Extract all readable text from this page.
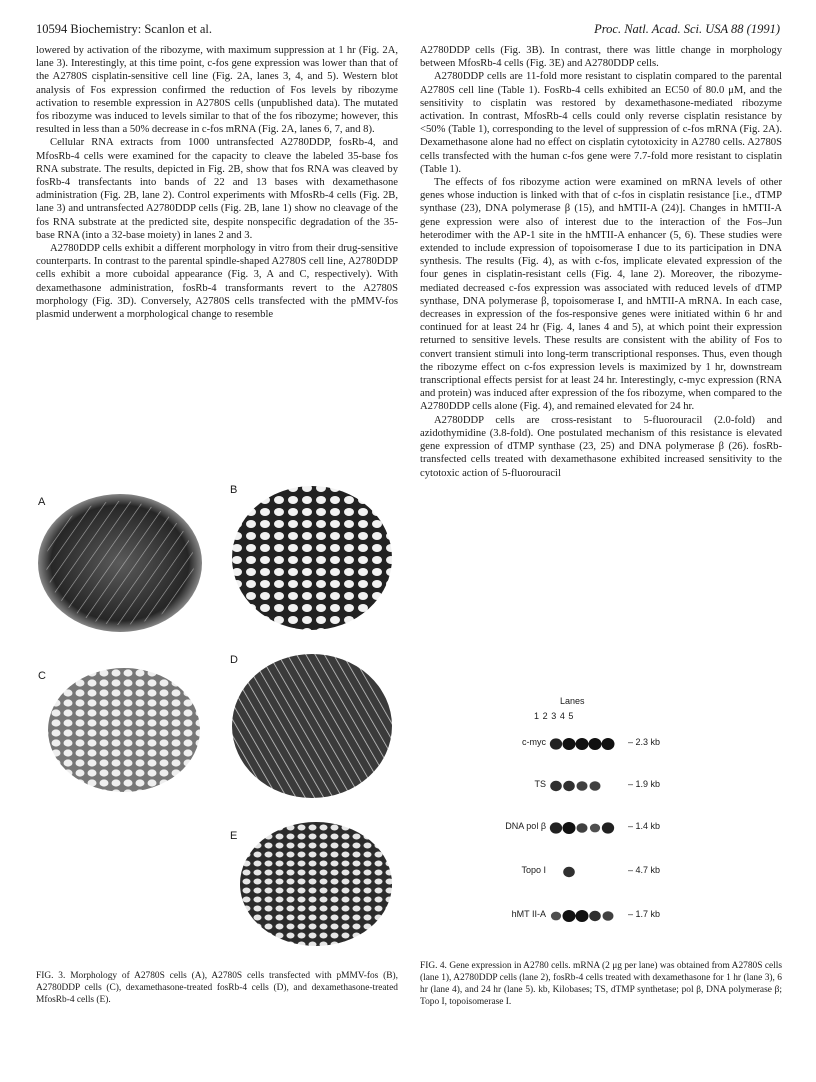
10594 Biochemistry: Scanlon et al.	Proc. Natl. Acad. Sci. USA 88 (1991)

lowered by activation of the ribozyme, with maximum suppression at 1 hr (Fig. 2A, lane 3). Interestingly, at this time point, c-fos gene expression was lower than that of the A2780S cisplatin-sensitive cell line (Fig. 2A, lanes 3, 4, and 5). Western blot analysis of Fos expression confirmed the reduction of Fos levels by ribozyme activation to resemble expression in A2780S cells (unpublished data). The mutated fos ribozyme was induced to levels similar to that of the fos ribozyme; however, this resulted in less than a 50% decrease in c-fos mRNA (Fig. 2A, lanes 6, 7, and 8).

Cellular RNA extracts from 1000 untransfected A2780DDP, fosRb-4, and MfosRb-4 cells were examined for the capacity to cleave the labeled 35-base fos RNA substrate. The results, depicted in Fig. 2B, show that fos RNA was cleaved by fosRb-4 transfectants into bands of 22 and 13 bases with dexamethasone administration (Fig. 2B, lane 2). Control experiments with MfosRb-4 cells (Fig. 2B, lane 3) and untransfected A2780DDP cells (Fig. 2B, lane 1) show no cleavage of the fos RNA substrate at the predicted site, despite nonspecific degradation of the 35-base RNA (into a 32-base moiety) in lanes 2 and 3.

A2780DDP cells exhibit a different morphology in vitro from their drug-sensitive counterparts. In contrast to the parental spindle-shaped A2780S cell line, A2780DDP cells exhibit a more cuboidal appearance (Fig. 3, A and C, respectively). With dexamethasone administration, fosRb-4 transformants revert to the A2780S morphology (Fig. 3D). Conversely, A2780S cells transfected with the pMMV-fos plasmid underwent a morphological change to resemble

A2780DDP cells (Fig. 3B). In contrast, there was little change in morphology between MfosRb-4 cells (Fig. 3E) and A2780DDP cells.

A2780DDP cells are 11-fold more resistant to cisplatin compared to the parental A2780S cell line (Table 1). FosRb-4 cells exhibited an EC50 of 80.0 μM, and the sensitivity to cisplatin was restored by dexamethasone-mediated ribozyme activation. In contrast, MfosRb-4 cells could only reverse cisplatin resistance by <50% (Table 1), corresponding to the level of suppression of c-fos mRNA (Fig. 2A). Dexamethasone alone had no effect on cisplatin cytotoxicity in A2780 cells. A2780S cells transfected with the human c-fos gene were 7.7-fold more resistant to cisplatin (Table 1).

The effects of fos ribozyme action were examined on mRNA levels of other genes whose induction is linked with that of c-fos in cisplatin resistance [i.e., dTMP synthase (23), DNA polymerase β (15), and hMTII-A (24)]. Changes in hMTII-A gene expression were also of interest due to the interaction of the Fos–Jun heterodimer with the AP-1 site in the hMTII-A enhancer (5, 6). These studies were extended to include expression of topoisomerase I due to its participation in DNA synthesis. The results (Fig. 4), as with c-fos, implicate elevated expression of the four genes in cisplatin-resistant cells (Fig. 4, lane 2). Moreover, the ribozyme-mediated decreased c-fos expression was associated with reduced levels of dTMP synthase, DNA polymerase β, topoisomerase I, and hMTII-A mRNA. In each case, decreases in expression of the fos-responsive genes were initiated within 6 hr and continued for at least 24 hr (Fig. 4, lanes 4 and 5), at which point their expression returned to sensitive levels. These results are consistent with the ability of Fos to convert transient stimuli into long-term transcriptional responses. Thus, even though the ribozyme effect on c-fos expression levels is maximized by 1 hr, downstream transcriptional effects persist for at least 24 hr. Interestingly, c-myc expression (RNA and protein) was induced after expression of the fos ribozyme, when compared to the A2780DDP cells alone (Fig. 4), and remained elevated for 24 hr.

A2780DDP cells are cross-resistant to 5-fluorouracil (2.0-fold) and azidothymidine (3.8-fold). One postulated mechanism of this resistance is elevated gene expression of dTMP synthase (23, 25) and DNA polymerase β (26). fosRb-transfected cells treated with dexamethasone exhibited increased sensitivity to the cytotoxic action of 5-fluorouracil

A
B
C
D
E
FIG. 3. Morphology of A2780S cells (A), A2780S cells transfected with pMMV-fos (B), A2780DDP cells (C), dexamethasone-treated fosRb-4 cells (D), and dexamethasone-treated MfosRb-4 cells (E).
Lanes
12345
c-myc	– 2.3 kb
TS	– 1.9 kb
DNA pol β	– 1.4 kb
Topo I	– 4.7 kb
hMT II-A	– 1.7 kb
FIG. 4. Gene expression in A2780 cells. mRNA (2 μg per lane) was obtained from A2780S cells (lane 1), A2780DDP cells (lane 2), fosRb-4 cells treated with dexamethasone for 1 hr (lane 3), 6 hr (lane 4), and 24 hr (lane 5). kb, Kilobases; TS, dTMP synthetase; pol β, DNA polymerase β; Topo I, topoisomerase I.
